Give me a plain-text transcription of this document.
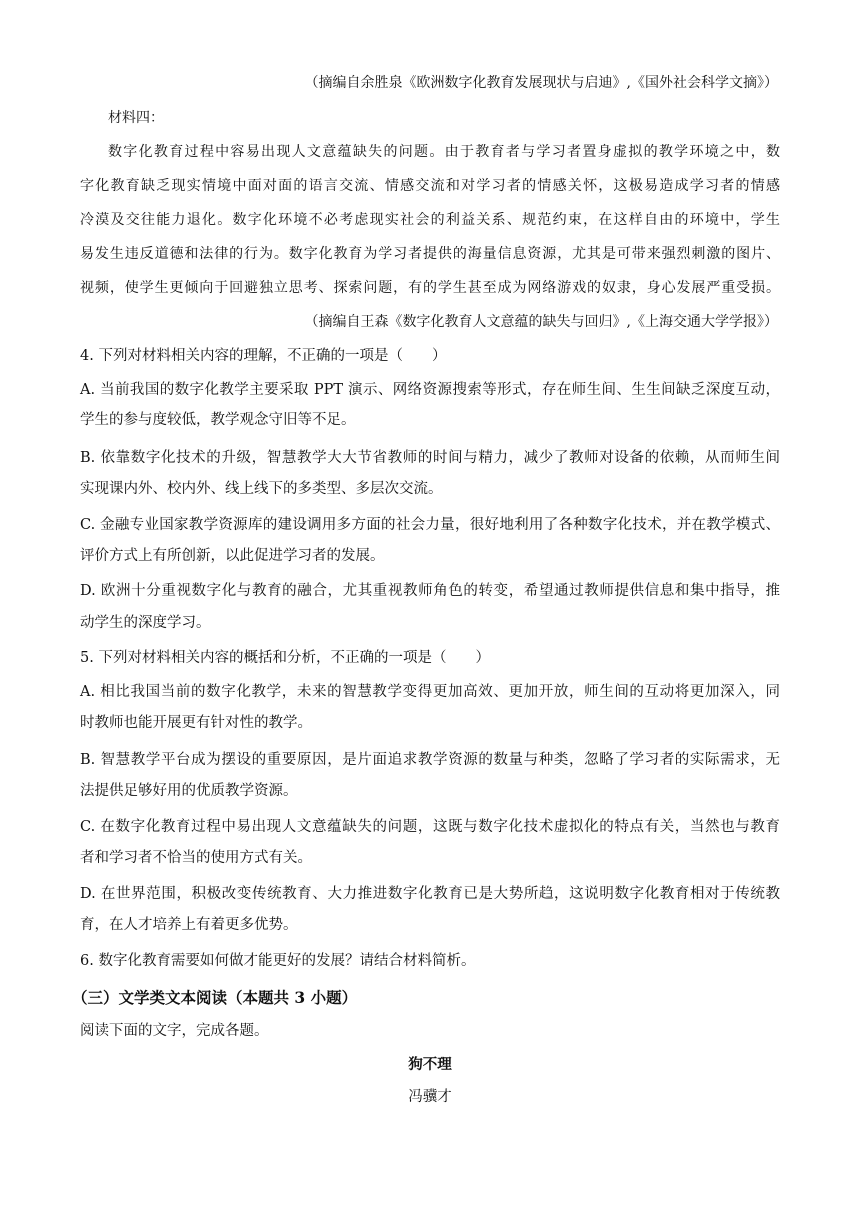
（摘编自余胜泉《欧洲数字化教育发展现状与启迪》,《国外社会科学文摘》）
材料四：
数字化教育过程中容易出现人文意蕴缺失的问题。由于教育者与学习者置身虚拟的教学环境之中，数
字化教育缺乏现实情境中面对面的语言交流、情感交流和对学习者的情感关怀，这极易造成学习者的情感
冷漠及交往能力退化。数字化环境不必考虑现实社会的利益关系、规范约束，在这样自由的环境中，学生
易发生违反道德和法律的行为。数字化教育为学习者提供的海量信息资源，尤其是可带来强烈刺激的图片、
视频，使学生更倾向于回避独立思考、探索问题，有的学生甚至成为网络游戏的奴隶，身心发展严重受损。
（摘编自王森《数字化教育人文意蕴的缺失与回归》,《上海交通大学学报》）
4. 下列对材料相关内容的理解，不正确的一项是（　　）
A. 当前我国的数字化教学主要采取 PPT 演示、网络资源搜索等形式，存在师生间、生生间缺乏深度互动，
学生的参与度较低，教学观念守旧等不足。
B. 依靠数字化技术的升级，智慧教学大大节省教师的时间与精力，减少了教师对设备的依赖，从而师生间
实现课内外、校内外、线上线下的多类型、多层次交流。
C. 金融专业国家教学资源库的建设调用多方面的社会力量，很好地利用了各种数字化技术，并在教学模式、
评价方式上有所创新，以此促进学习者的发展。
D. 欧洲十分重视数字化与教育的融合，尤其重视教师角色的转变，希望通过教师提供信息和集中指导，推
动学生的深度学习。
5. 下列对材料相关内容的概括和分析，不正确的一项是（　　）
A. 相比我国当前的数字化教学，未来的智慧教学变得更加高效、更加开放，师生间的互动将更加深入，同
时教师也能开展更有针对性的教学。
B. 智慧教学平台成为摆设的重要原因，是片面追求教学资源的数量与种类，忽略了学习者的实际需求，无
法提供足够好用的优质教学资源。
C. 在数字化教育过程中易出现人文意蕴缺失的问题，这既与数字化技术虚拟化的特点有关，当然也与教育
者和学习者不恰当的使用方式有关。
D. 在世界范围，积极改变传统教育、大力推进数字化教育已是大势所趋，这说明数字化教育相对于传统教
育，在人才培养上有着更多优势。
6. 数字化教育需要如何做才能更好的发展？请结合材料简析。
（三）文学类文本阅读（本题共 3 小题）
阅读下面的文字，完成各题。
狗不理
冯骥才
